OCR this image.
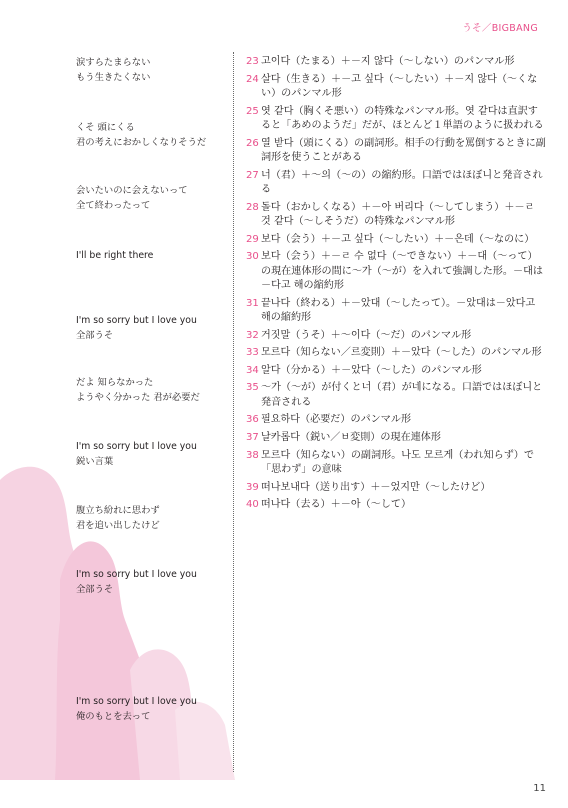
うそ／BIGBANG
涙すらたまらない
もう生きたくない
くそ 頭にくる
君の考えにおかしくなりそうだ
会いたいのに会えないって
全て終わったって
I'll be right there
I'm so sorry but I love you
全部うそ
だよ 知らなかった
ようやく分かった 君が必要だ
I'm so sorry but I love you
鋭い言葉
腹立ち紛れに思わず
君を追い出したけど
I'm so sorry but I love you
全部うそ
I'm so sorry but I love you
俺のもとを去って
23 고이다（たまる）＋－지 않다（～しない）のパンマル形
24 살다（生きる）＋－고 싶다（～したい）＋－지 않다（～くない）のパンマル形
25 엿 같다（胸くそ悪い）の特殊なパンマル形。엿 같다は直訳すると「あめのようだ」だが、ほとんど１単語のように扱われる
26 열 받다（頭にくる）の副詞形。相手の行動を罵倒するときに副詞形を使うことがある
27 너（君）＋～의（～の）の縮約形。口語ではほぼ니と発音される
28 돌다（おかしくなる）＋－아 버리다（～してしまう）＋－ㄹ 것 같다（～しそうだ）の特殊なパンマル形
29 보다（会う）＋－고 싶다（～したい）＋－은데（～なのに）
30 보다（会う）＋－ㄹ 수 없다（～できない）＋－대（～って）の現在連体形の間に～가（～が）を入れて強調した形。－대は－다고 해の縮約形
31 끝나다（終わる）＋－았대（～したって）。－았대は－았다고 해の縮約形
32 거짓말（うそ）＋～이다（～だ）のパンマル形
33 모르다（知らない／르変則）＋－았다（～した）のパンマル形
34 알다（分かる）＋－았다（～した）のパンマル形
35 ～가（～が）が付くと너（君）が네になる。口語ではほぼ니と発音される
36 필요하다（必要だ）のパンマル形
37 날카롭다（鋭い／ㅂ変則）の現在連体形
38 모르다（知らない）の副詞形。나도 모르게（われ知らず）で「思わず」の意味
39 떠나보내다（送り出す）＋－었지만（～したけど）
40 떠나다（去る）＋－아（～して）
11
